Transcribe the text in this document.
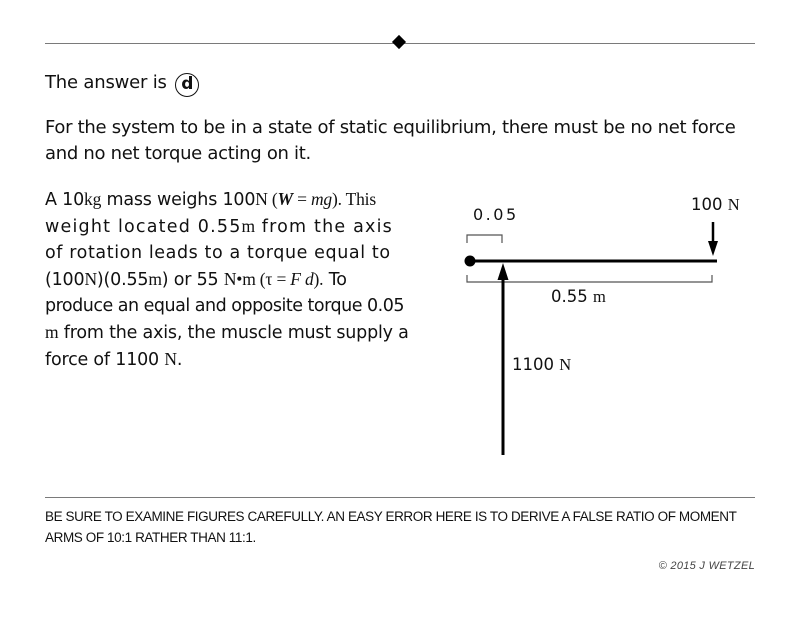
The answer is d
For the system to be in a state of static equilibrium, there must be no net force and no net torque acting on it.
A 10kg mass weighs 100N (W = mg). This
weight located 0.55m from the axis
of rotation leads to a torque equal to
(100N)(0.55m) or 55 N•m (τ = F d). To
produce an equal and opposite torque 0.05
m from the axis, the muscle must supply a
force of 1100 N.
0.05
100 N
0.55 m
1100 N
BE SURE TO EXAMINE FIGURES CAREFULLY. AN EASY ERROR HERE IS TO DERIVE A FALSE RATIO OF MOMENT ARMS OF 10:1 RATHER THAN 11:1.
© 2015 J WETZEL
